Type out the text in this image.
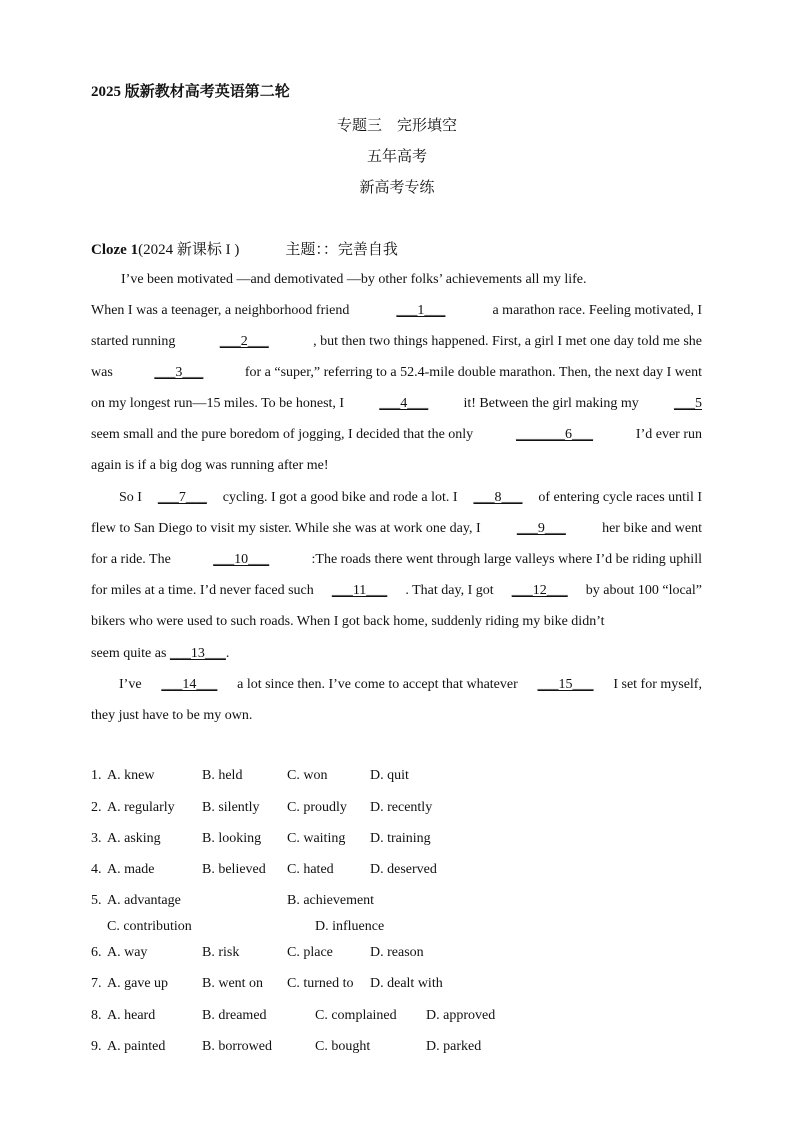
2025 版新教材高考英语第二轮
专题三　完形填空
五年高考
新高考专练
Cloze 1(2024 新课标 I )	主题：：完善自我
I’ve been motivated —and demotivated —by other folks’ achievements all my life.
When I was a teenager, a neighborhood friend	___1___	a marathon race. Feeling motivated, I
started running	___2___	, but then two things happened. First, a girl I met one day told me she
was	___3___	for a “super,” referring to a 52.4-mile double marathon. Then, the next day I went
on my longest run—15 miles. To be honest, I	___4___	it! Between the girl making my	___5
seem small and the pure boredom of jogging, I decided that the only	_______6___	I’d ever run
again is if a big dog was running after me!
So I ___7___ cycling. I got a good bike and rode a lot. I ___8___ of entering cycle races until I
flew to San Diego to visit my sister. While she was at work one day, I	___9___	her bike and went
for a ride. The	___10___	:The roads there went through large valleys where I’d be riding uphill
for miles at a time. I’d never faced such ___11___ . That day, I got ___12___ by about 100 “local”
bikers who were used to such roads. When I got back home, suddenly riding my bike didn’t
seem quite as ___13___.
I’ve ___14___ a lot since then. I’ve come to accept that whatever ___15___ I set for myself,
they just have to be my own.
1. A. knew	B. held	C. won	D. quit
2. A. regularly B. silently C. proudly D. recently
3. A. asking	B. looking C. waiting D. training
4. A. made	B. believed C. hated	D. deserved
5. A. advantage	B. achievement
C. contribution	D. influence
6. A. way	B. risk	C. place	D. reason
7. A. gave up B. went on C. turned to D. dealt with
8. A. heard	B. dreamed	C. complained D. approved
9. A. painted	B. borrowed	C. bought	D. parked
